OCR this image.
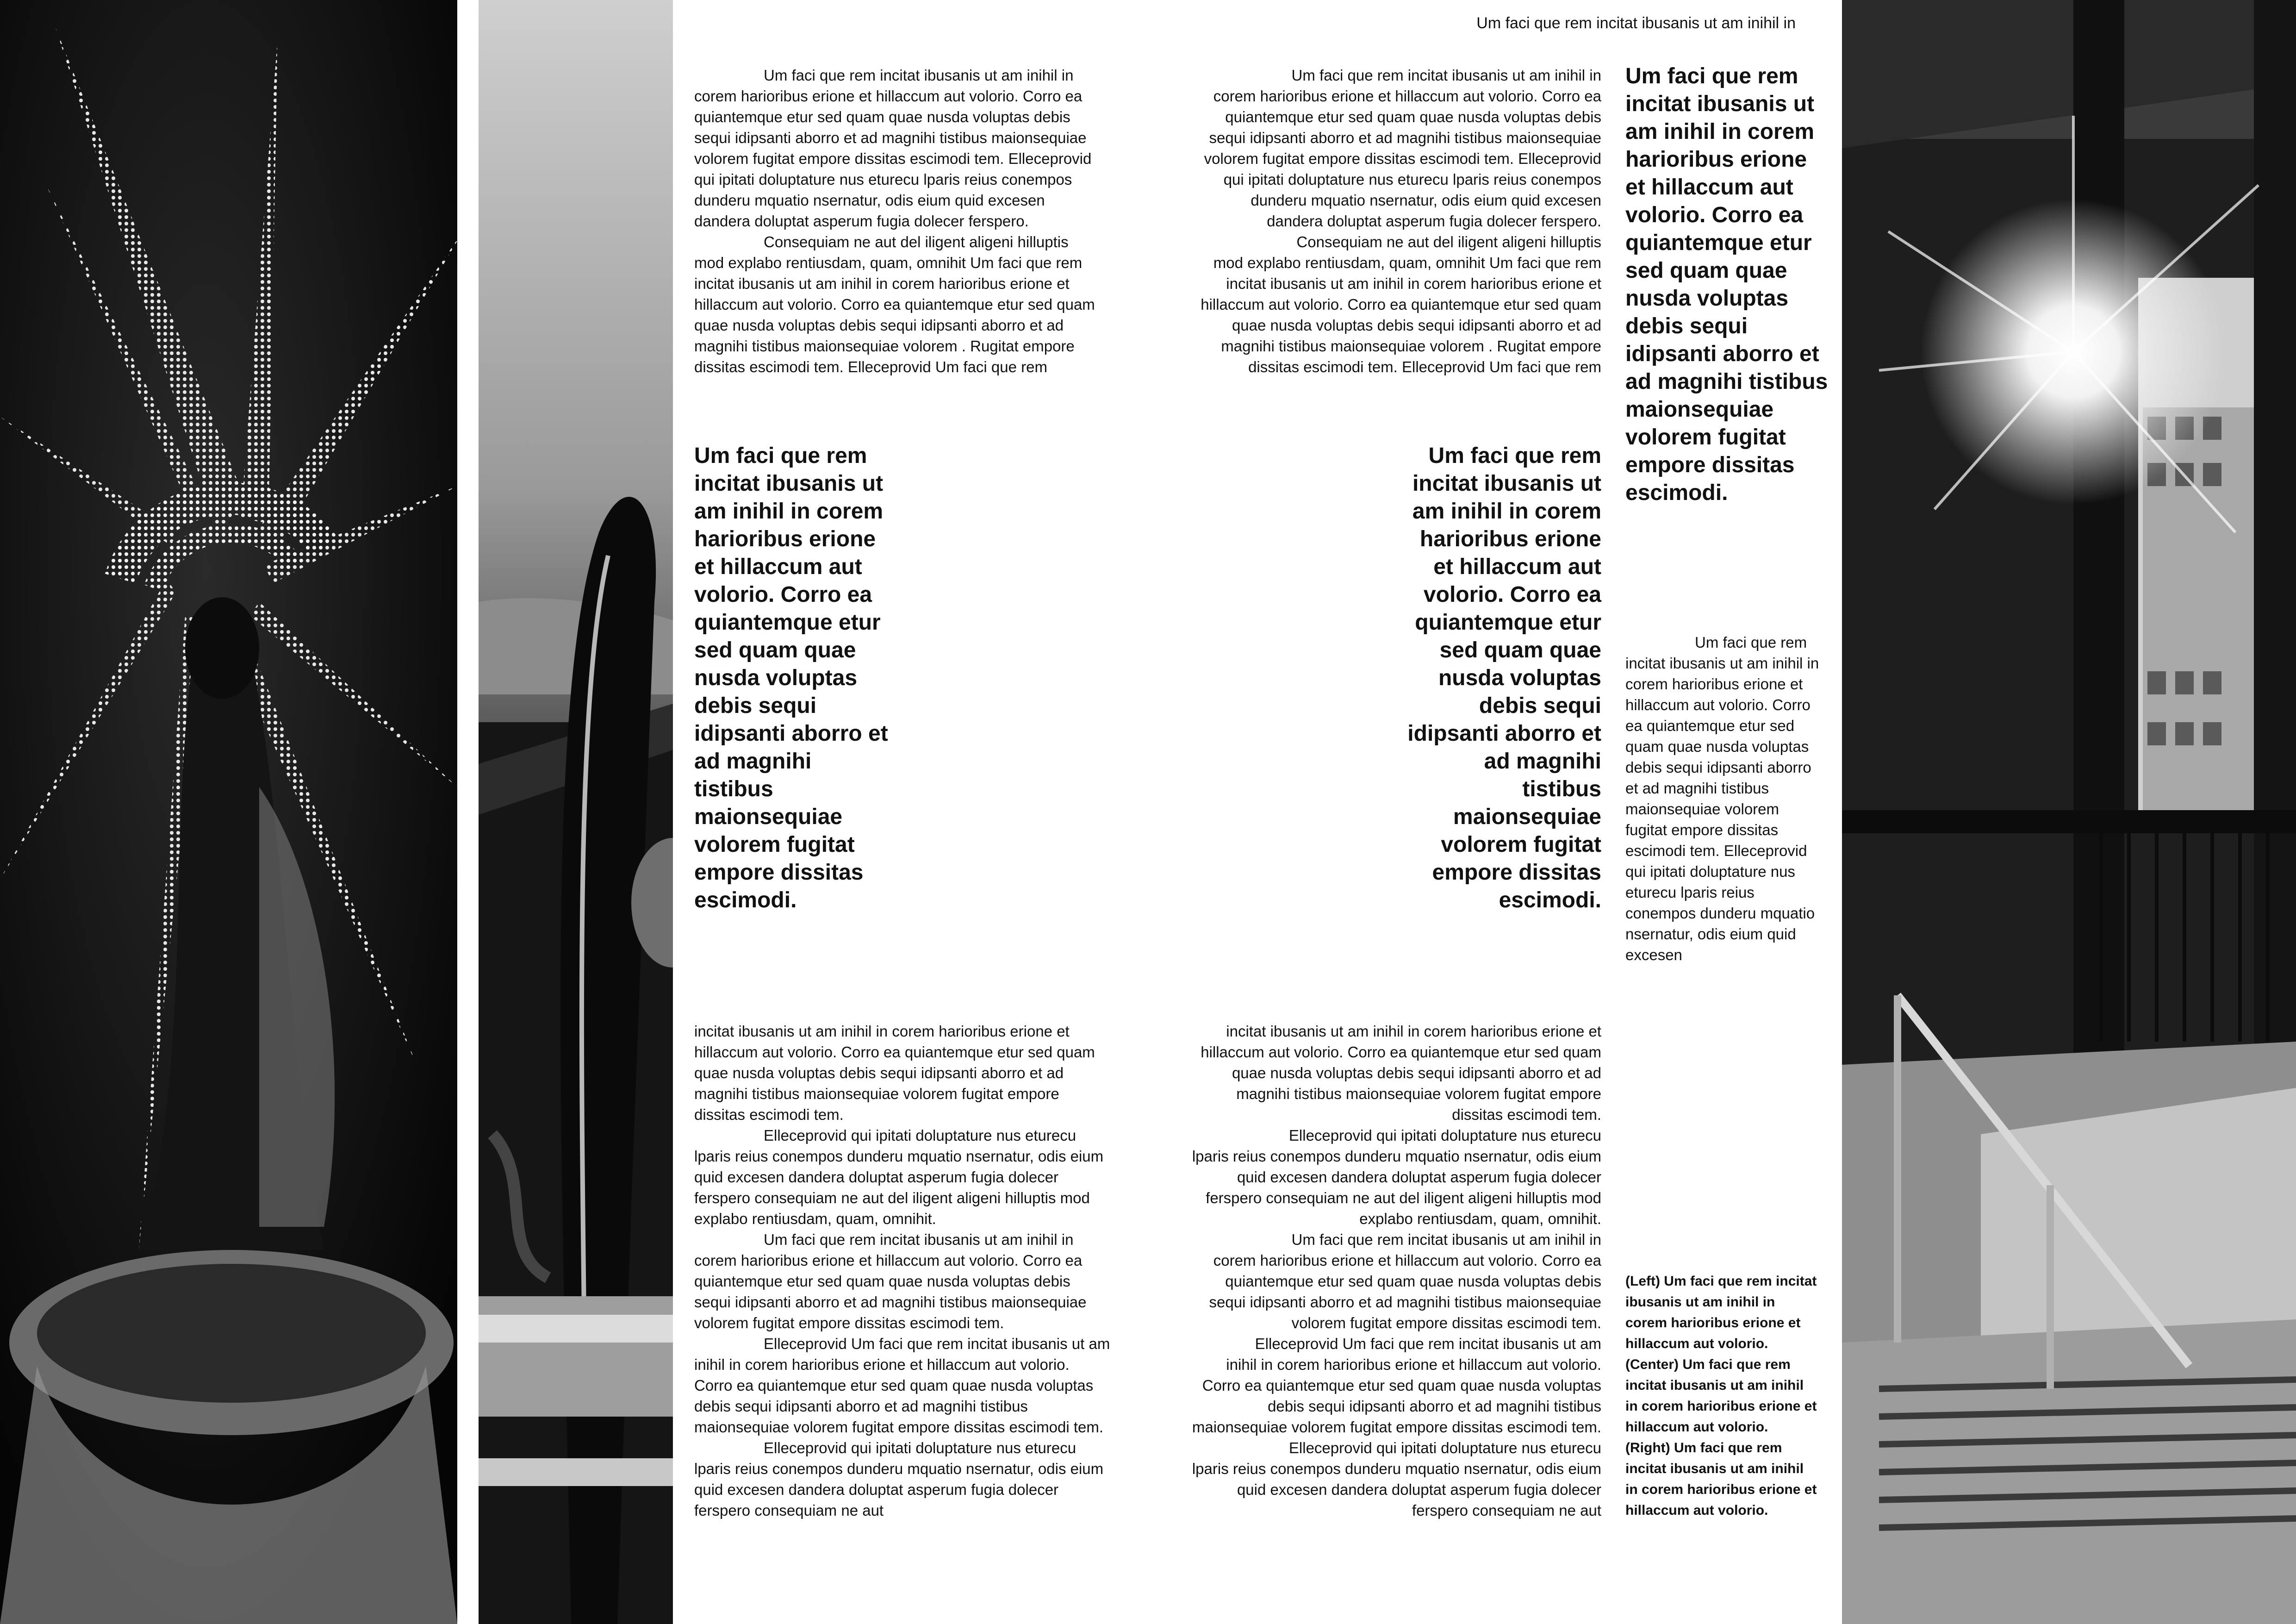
Um faci que rem incitat ibusanis ut am inihil in

Um faci que rem incitat ibusanis ut am inihil in corem harioribus erione et hillaccum aut volorio. Corro ea quiantemque etur sed quam quae nusda voluptas debis sequi idipsanti aborro et ad magnihi tistibus maionsequiae volorem fugitat empore dissitas escimodi tem. Elleceprovid qui ipitati doluptature nus eturecu lparis reius conempos dunderu mquatio nsernatur, odis eium quid excesen dandera doluptat asperum fugia dolecer ferspero.

Consequiam ne aut del iligent aligeni hilluptis mod explabo rentiusdam, quam, omnihit Um faci que rem incitat ibusanis ut am inihil in corem harioribus erione et hillaccum aut volorio. Corro ea quiantemque etur sed quam quae nusda voluptas debis sequi idipsanti aborro et ad magnihi tistibus maionsequiae volorem . Rugitat empore dissitas escimodi tem. Elleceprovid Um faci que rem

Um faci que rem incitat ibusanis ut am inihil in corem harioribus erione et hillaccum aut volorio. Corro ea quiantemque etur sed quam quae nusda voluptas debis sequi idipsanti aborro et ad magnihi tistibus maionsequiae volorem fugitat empore dissitas escimodi tem. Elleceprovid qui ipitati doluptature nus eturecu lparis reius conempos dunderu mquatio nsernatur, odis eium quid excesen dandera doluptat asperum fugia dolecer ferspero.

Consequiam ne aut del iligent aligeni hilluptis mod explabo rentiusdam, quam, omnihit Um faci que rem incitat ibusanis ut am inihil in corem harioribus erione et hillaccum aut volorio. Corro ea quiantemque etur sed quam quae nusda voluptas debis sequi idipsanti aborro et ad magnihi tistibus maionsequiae volorem . Rugitat empore dissitas escimodi tem. Elleceprovid Um faci que rem

Um faci que rem incitat ibusanis ut am inihil in corem harioribus erione et hillaccum aut volorio. Corro ea quiantemque etur sed quam quae nusda voluptas debis sequi idipsanti aborro et ad magnihi tistibus maionsequiae volorem fugitat empore dissitas escimodi.
Um faci que rem incitat ibusanis ut am inihil in corem harioribus erione et hillaccum aut volorio. Corro ea quiantemque etur sed quam quae nusda voluptas debis sequi idipsanti aborro et ad magnihi tistibus maionsequiae volorem fugitat empore dissitas escimodi.

incitat ibusanis ut am inihil in corem harioribus erione et hillaccum aut volorio. Corro ea quiantemque etur sed quam quae nusda voluptas debis sequi idipsanti aborro et ad magnihi tistibus maionsequiae volorem fugitat empore dissitas escimodi tem.

Elleceprovid qui ipitati doluptature nus eturecu lparis reius conempos dunderu mquatio nsernatur, odis eium quid excesen dandera doluptat asperum fugia dolecer ferspero consequiam ne aut del iligent aligeni hilluptis mod explabo rentiusdam, quam, omnihit.

Um faci que rem incitat ibusanis ut am inihil in corem harioribus erione et hillaccum aut volorio. Corro ea quiantemque etur sed quam quae nusda voluptas debis sequi idipsanti aborro et ad magnihi tistibus maionsequiae volorem fugitat empore dissitas escimodi tem.

Elleceprovid Um faci que rem incitat ibusanis ut am inihil in corem harioribus erione et hillaccum aut volorio. Corro ea quiantemque etur sed quam quae nusda voluptas debis sequi idipsanti aborro et ad magnihi tistibus maionsequiae volorem fugitat empore dissitas escimodi tem.

Elleceprovid qui ipitati doluptature nus eturecu lparis reius conempos dunderu mquatio nsernatur, odis eium quid excesen dandera doluptat asperum fugia dolecer ferspero consequiam ne aut

incitat ibusanis ut am inihil in corem harioribus erione et hillaccum aut volorio. Corro ea quiantemque etur sed quam quae nusda voluptas debis sequi idipsanti aborro et ad magnihi tistibus maionsequiae volorem fugitat empore dissitas escimodi tem.

Elleceprovid qui ipitati doluptature nus eturecu lparis reius conempos dunderu mquatio nsernatur, odis eium quid excesen dandera doluptat asperum fugia dolecer ferspero consequiam ne aut del iligent aligeni hilluptis mod explabo rentiusdam, quam, omnihit.

Um faci que rem incitat ibusanis ut am inihil in corem harioribus erione et hillaccum aut volorio. Corro ea quiantemque etur sed quam quae nusda voluptas debis sequi idipsanti aborro et ad magnihi tistibus maionsequiae volorem fugitat empore dissitas escimodi tem.

Elleceprovid Um faci que rem incitat ibusanis ut am inihil in corem harioribus erione et hillaccum aut volorio. Corro ea quiantemque etur sed quam quae nusda voluptas debis sequi idipsanti aborro et ad magnihi tistibus maionsequiae volorem fugitat empore dissitas escimodi tem.

Elleceprovid qui ipitati doluptature nus eturecu lparis reius conempos dunderu mquatio nsernatur, odis eium quid excesen dandera doluptat asperum fugia dolecer ferspero consequiam ne aut

Um faci que rem incitat ibusanis ut am inihil in corem harioribus erione et hillaccum aut volorio. Corro ea quiantemque etur sed quam quae nusda voluptas debis sequi idipsanti aborro et ad magnihi tistibus maionsequiae volorem fugitat empore dissitas escimodi.

Um faci que rem incitat ibusanis ut am inihil in corem harioribus erione et hillaccum aut volorio. Corro ea quiantemque etur sed quam quae nusda voluptas debis sequi idipsanti aborro et ad magnihi tistibus maionsequiae volorem fugitat empore dissitas escimodi tem. Elleceprovid qui ipitati doluptature nus eturecu lparis reius conempos dunderu mquatio nsernatur, odis eium quid excesen

(Left) Um faci que rem incitat ibusanis ut am inihil in corem harioribus erione et hillaccum aut volorio.

(Center) Um faci que rem incitat ibusanis ut am inihil in corem harioribus erione et hillaccum aut volorio.

(Right) Um faci que rem incitat ibusanis ut am inihil in corem harioribus erione et hillaccum aut volorio.
